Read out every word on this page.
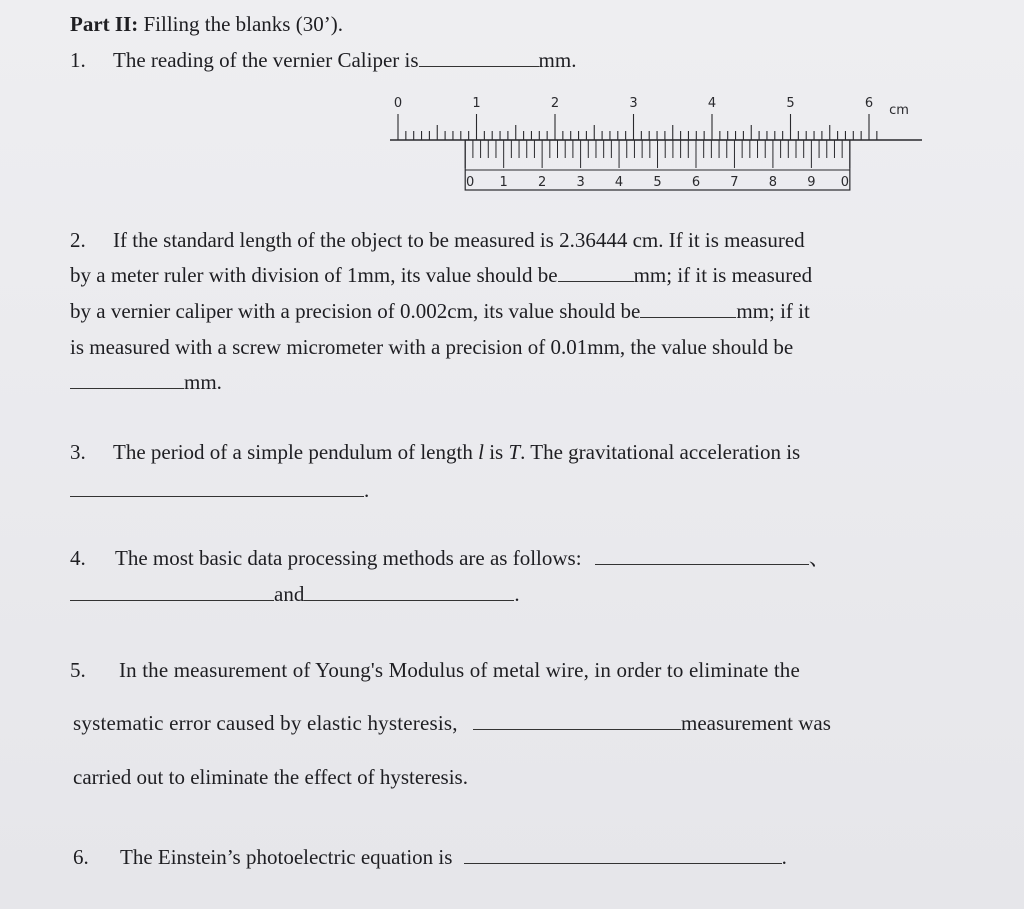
Part II: Filling the blanks (30’).
1. The reading of the vernier Caliper is	mm.
0	1	2	3	4	5	6 cm
0 1 2 3 4 5 6 7 8 9 0
2. If the standard length of the object to be measured is 2.36444 cm. If it is measured
by a meter ruler with division of 1mm, its value should be	mm; if it is measured
by a vernier caliper with a precision of 0.002cm, its value should be	mm; if it
is measured with a screw micrometer with a precision of 0.01mm, the value should be
mm.
3. The period of a simple pendulum of length l is T. The gravitational acceleration is
.
4. The most basic data processing methods are as follows:	、
and	.
5. In the measurement of Young's Modulus of metal wire, in order to eliminate the
systematic error caused by elastic hysteresis,	measurement was
carried out to eliminate the effect of hysteresis.
6. The Einstein’s photoelectric equation is	.
